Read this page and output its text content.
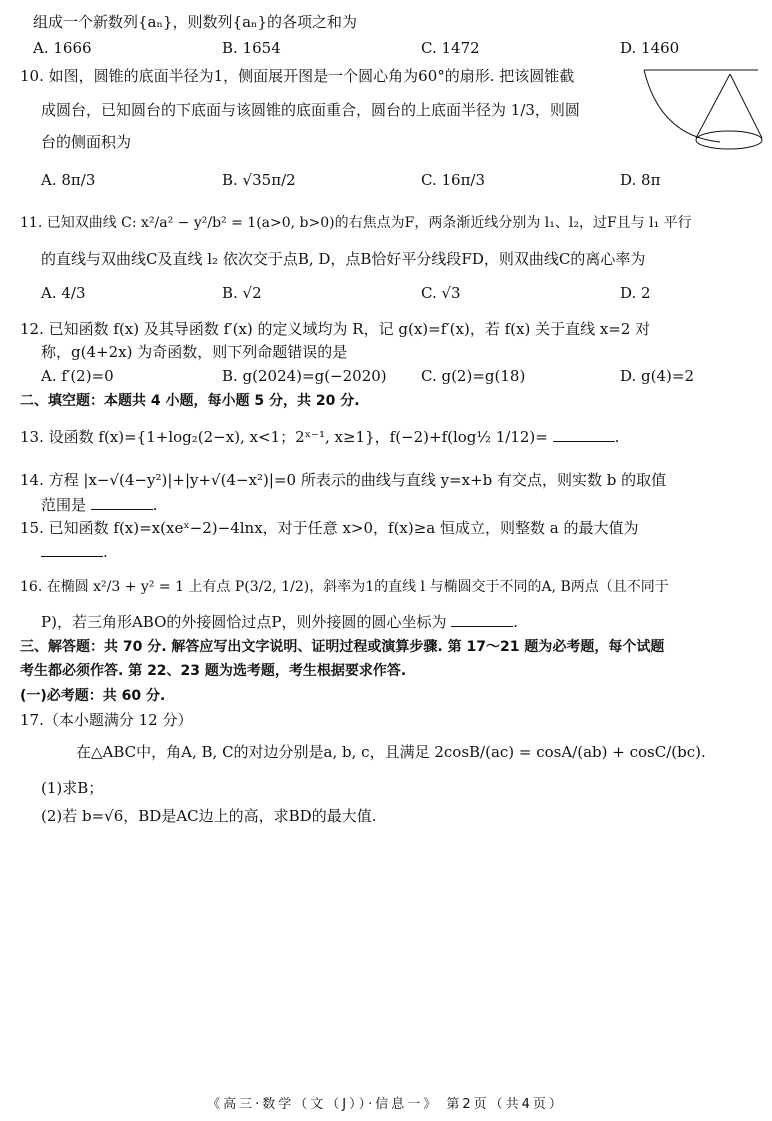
组成一个新数列{aₙ}，则数列{aₙ}的各项之和为
A. 1666	B. 1654	C. 1472	D. 1460
10. 如图，圆锥的底面半径为1，侧面展开图是一个圆心角为60°的扇形. 把该圆锥截
成圆台，已知圆台的下底面与该圆锥的底面重合，圆台的上底面半径为 1/3，则圆
台的侧面积为
A. 8π/3	B. √35π/2	C. 16π/3	D. 8π
11. 已知双曲线 C: x²/a² − y²/b² = 1(a>0, b>0)的右焦点为F，两条渐近线分别为 l₁、l₂，过F且与 l₁ 平行
的直线与双曲线C及直线 l₂ 依次交于点B, D，点B恰好平分线段FD，则双曲线C的离心率为
A. 4/3	B. √2	C. √3	D. 2
12. 已知函数 f(x) 及其导函数 f′(x) 的定义域均为 R，记 g(x)=f′(x)，若 f(x) 关于直线 x=2 对
称，g(4+2x) 为奇函数，则下列命题错误的是
A. f′(2)=0	B. g(2024)=g(−2020) C. g(2)=g(18)	D. g(4)=2
二、填空题：本题共 4 小题，每小题 5 分，共 20 分.
13. 设函数 f(x)={1+log₂(2−x), x<1；2ˣ⁻¹, x≥1}，f(−2)+f(log½ 1/12)=	.
14. 方程 |x−√(4−y²)|+|y+√(4−x²)|=0 所表示的曲线与直线 y=x+b 有交点，则实数 b 的取值
范围是	.
15. 已知函数 f(x)=x(xeˣ−2)−4lnx，对于任意 x>0，f(x)≥a 恒成立，则整数 a 的最大值为
.
16. 在椭圆 x²/3 + y² = 1 上有点 P(3/2, 1/2)，斜率为1的直线 l 与椭圆交于不同的A, B两点（且不同于
P)，若三角形ABO的外接圆恰过点P，则外接圆的圆心坐标为	.
三、解答题：共 70 分. 解答应写出文字说明、证明过程或演算步骤. 第 17～21 题为必考题，每个试题
考生都必须作答. 第 22、23 题为选考题，考生根据要求作答.
(一)必考题：共 60 分.
17.（本小题满分 12 分）
在△ABC中，角A, B, C的对边分别是a, b, c，且满足 2cosB/(ac) = cosA/(ab) + cosC/(bc).
(1)求B；
(2)若 b=√6，BD是AC边上的高，求BD的最大值.
《高三·数学（文（J））·信息一》 第2页（共4页）
